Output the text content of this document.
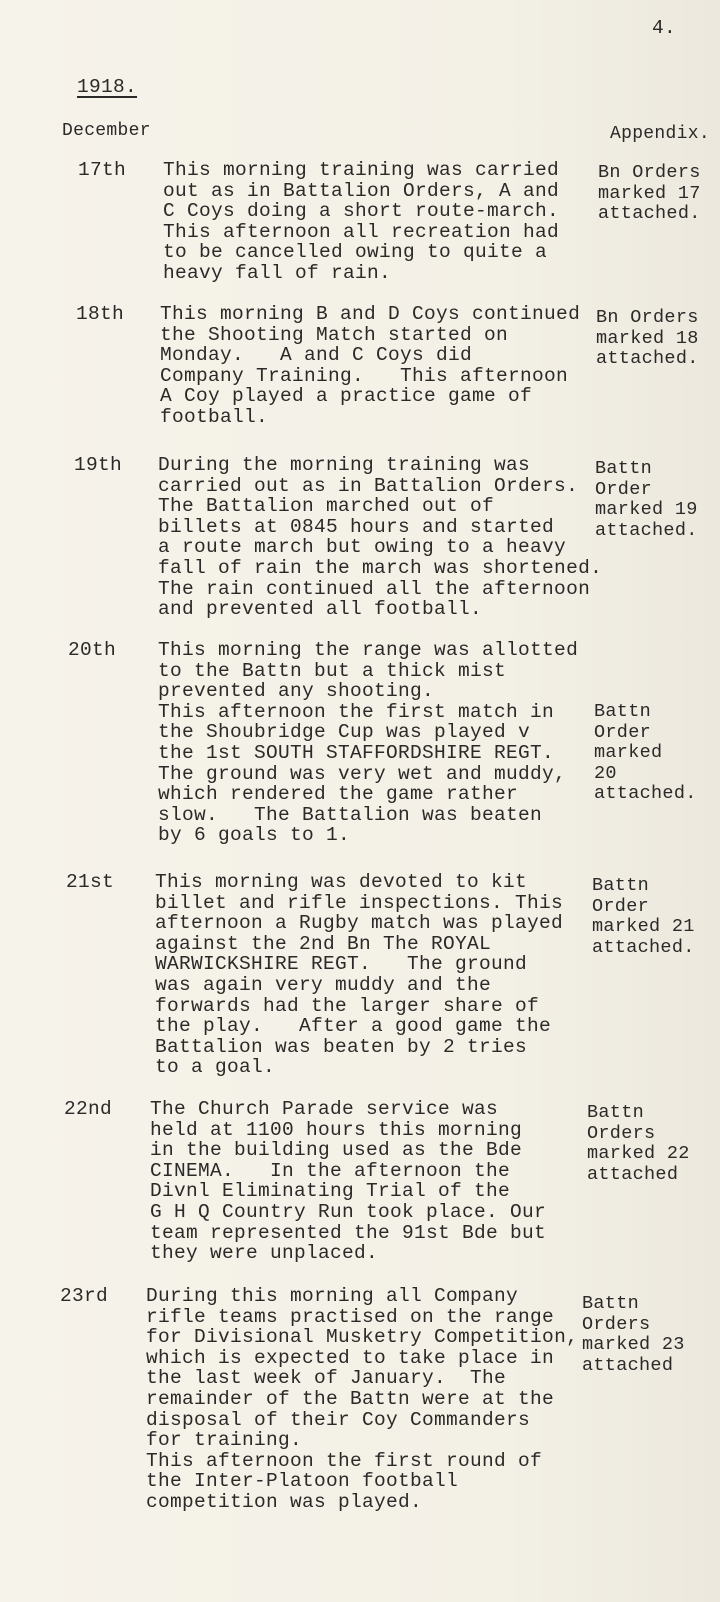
4.
1918.
December	Appendix.
17th This morning training was carried
out as in Battalion Orders, A and
C Coys doing a short route-march.
This afternoon all recreation had
to be cancelled owing to quite a
heavy fall of rain.
Bn Orders
marked 17
attached.
18th This morning B and D Coys continued
the Shooting Match started on
Monday.   A and C Coys did
Company Training.   This afternoon
A Coy played a practice game of
football.
Bn Orders
marked 18
attached.
19th During the morning training was
carried out as in Battalion Orders.
The Battalion marched out of
billets at 0845 hours and started
a route march but owing to a heavy
fall of rain the march was shortened.
The rain continued all the afternoon
and prevented all football.
Battn
Order
marked 19
attached.
20th This morning the range was allotted
to the Battn but a thick mist
prevented any shooting.
This afternoon the first match in
the Shoubridge Cup was played v
the 1st SOUTH STAFFORDSHIRE REGT.
The ground was very wet and muddy,
which rendered the game rather
slow.   The Battalion was beaten
by 6 goals to 1.
Battn
Order
marked
20
attached.
21st This morning was devoted to kit
billet and rifle inspections. This
afternoon a Rugby match was played
against the 2nd Bn The ROYAL
WARWICKSHIRE REGT.   The ground
was again very muddy and the
forwards had the larger share of
the play.   After a good game the
Battalion was beaten by 2 tries
to a goal.
Battn
Order
marked 21
attached.
22nd The Church Parade service was
held at 1100 hours this morning
in the building used as the Bde
CINEMA.   In the afternoon the
Divnl Eliminating Trial of the
G H Q Country Run took place. Our
team represented the 91st Bde but
they were unplaced.
Battn
Orders
marked 22
attached
23rd During this morning all Company
rifle teams practised on the range
for Divisional Musketry Competition,
which is expected to take place in
the last week of January.  The
remainder of the Battn were at the
disposal of their Coy Commanders
for training.
This afternoon the first round of
the Inter-Platoon football
competition was played.
Battn
Orders
marked 23
attached
